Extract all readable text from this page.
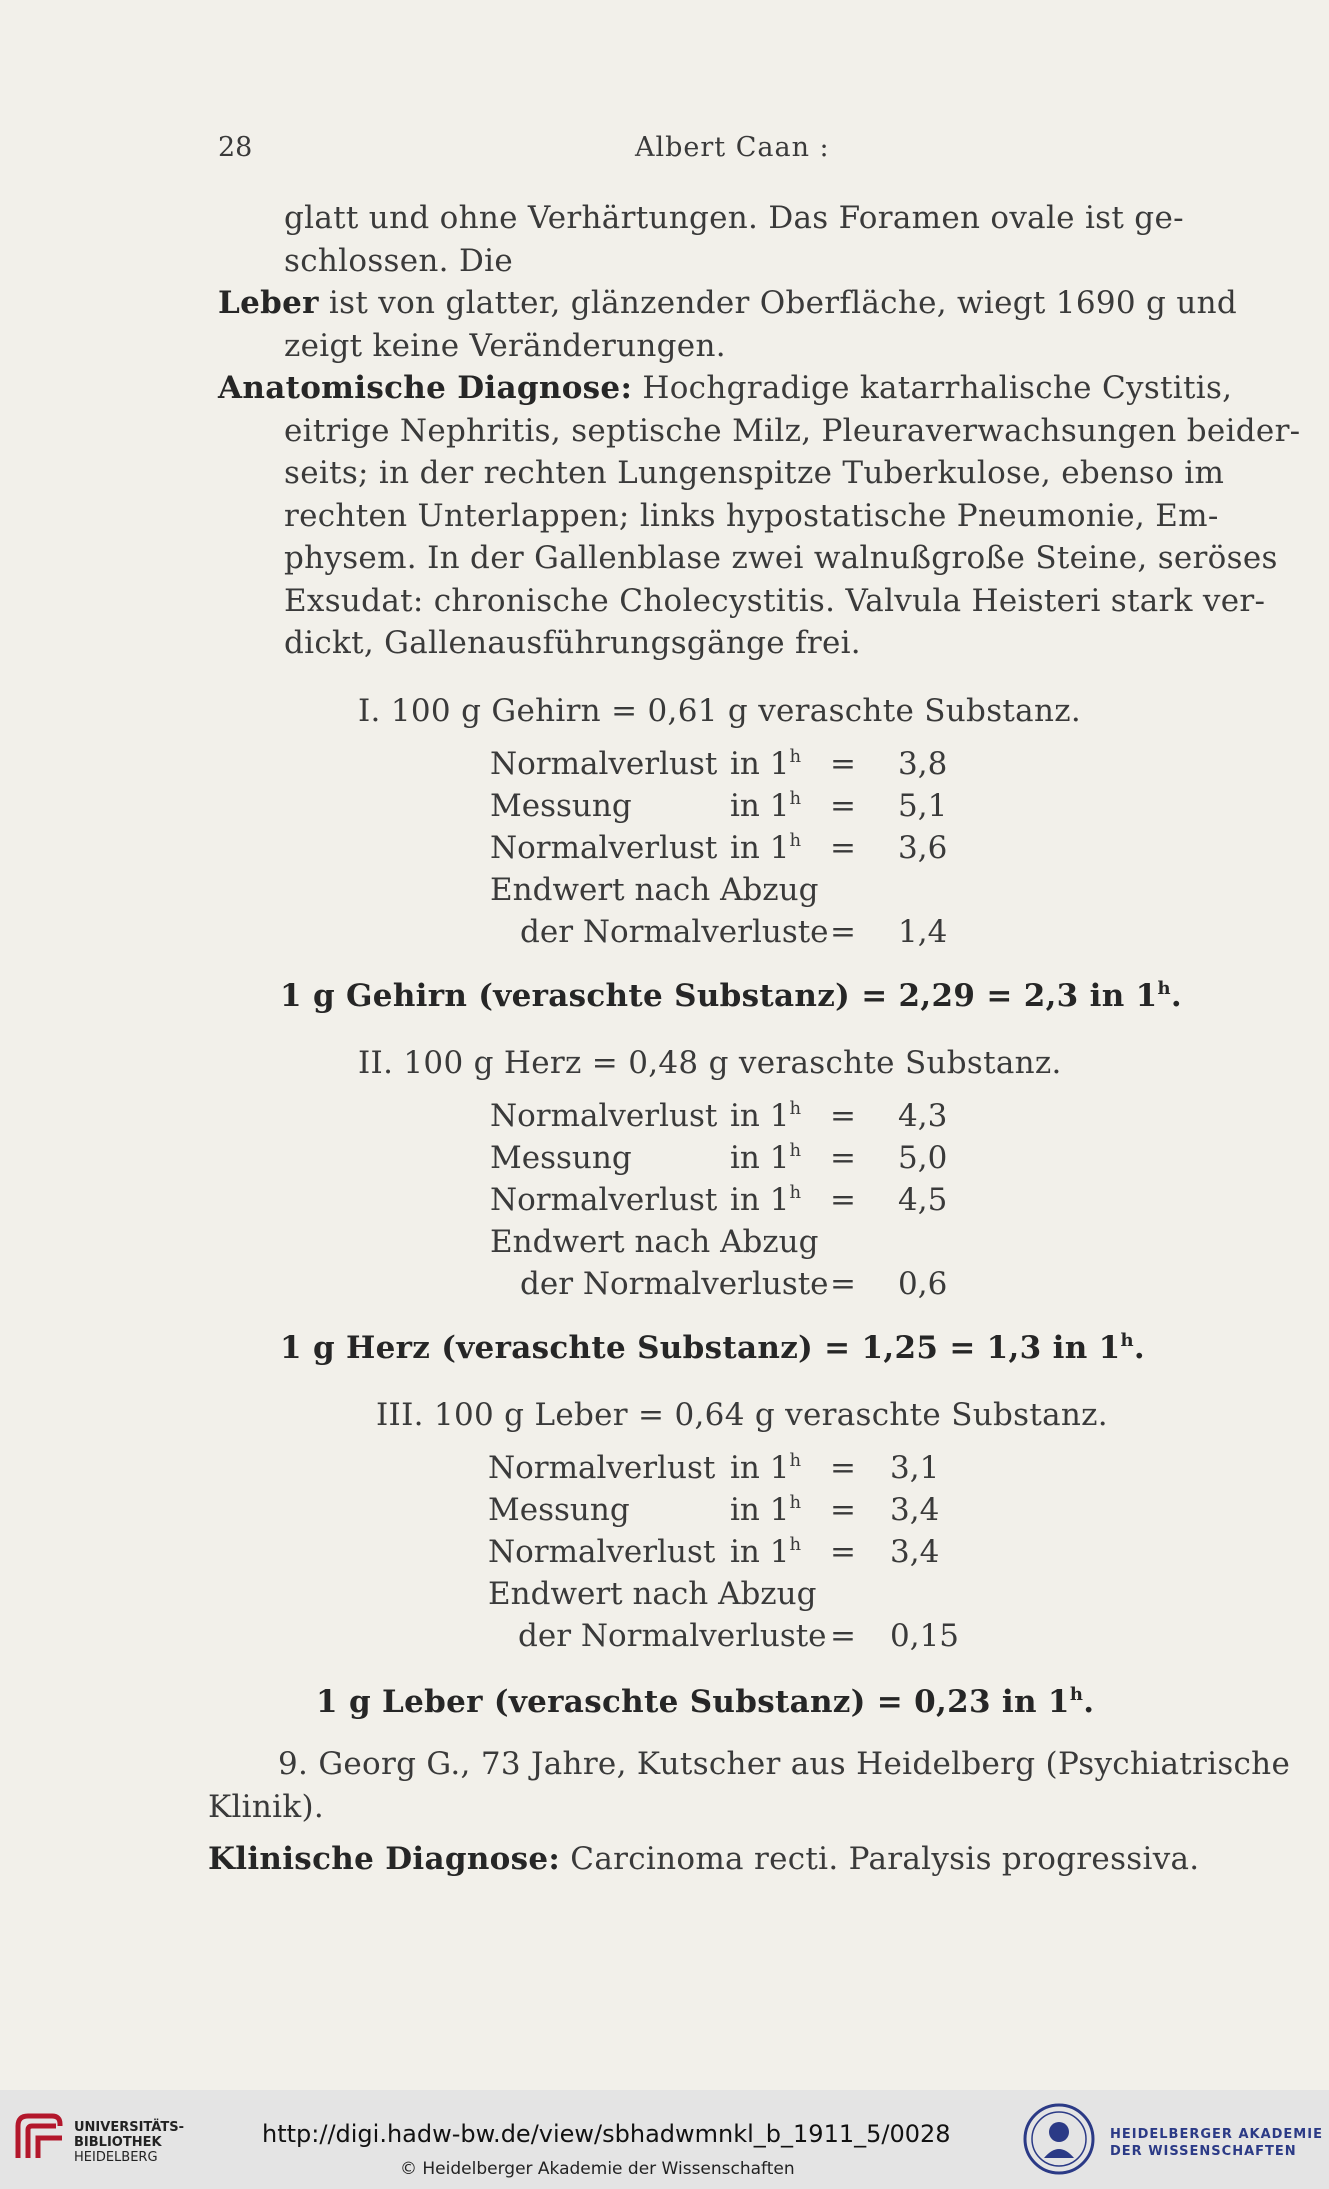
28	Albert Caan :
glatt und ohne Verhärtungen. Das Foramen ovale ist ge-
schlossen. Die
Leber ist von glatter, glänzender Oberfläche, wiegt 1690 g und
zeigt keine Veränderungen.
Anatomische Diagnose: Hochgradige katarrhalische Cystitis,
eitrige Nephritis, septische Milz, Pleuraverwachsungen beider-
seits; in der rechten Lungenspitze Tuberkulose, ebenso im
rechten Unterlappen; links hypostatische Pneumonie, Em-
physem. In der Gallenblase zwei walnußgroße Steine, seröses
Exsudat: chronische Cholecystitis. Valvula Heisteri stark ver-
dickt, Gallenausführungsgänge frei.
I. 100 g Gehirn = 0,61 g veraschte Substanz.
Normalverlust in $1^h = 3,8$
Messung	in $1^h = 5,1$
Normalverlust in $1^h = 3,6$
Endwert nach Abzug
der Normalverluste = 1,4
1 g Gehirn (veraschte Substanz) = 2,29 = 2,3 in 1$^h$.
II. 100 g Herz = 0,48 g veraschte Substanz.
Normalverlust in $1^h = 4,3$
Messung	in $1^h = 5,0$
Normalverlust in $1^h = 4,5$
Endwert nach Abzug
der Normalverluste = 0,6
1 g Herz (veraschte Substanz) = 1,25 = 1,3 in 1$^h$.
III. 100 g Leber = 0,64 g veraschte Substanz.
Normalverlust in $1^h = 3,1$
Messung	in $1^h = 3,4$
Normalverlust in $1^h = 3,4$
Endwert nach Abzug
der Normalverluste = 0,15
1 g Leber (veraschte Substanz) = 0,23 in 1$^h$.
9. Georg G., 73 Jahre, Kutscher aus Heidelberg (Psychiatrische
Klinik).
Klinische Diagnose: Carcinoma recti. Paralysis progressiva.
UNIVERSITÄTS-
BIBLIOTHEK
HEIDELBERG
http://digi.hadw-bw.de/view/sbhadwmnkl_b_1911_5/0028
© Heidelberger Akademie der Wissenschaften
HEIDELBERGER AKADEMIE
DER WISSENSCHAFTEN
